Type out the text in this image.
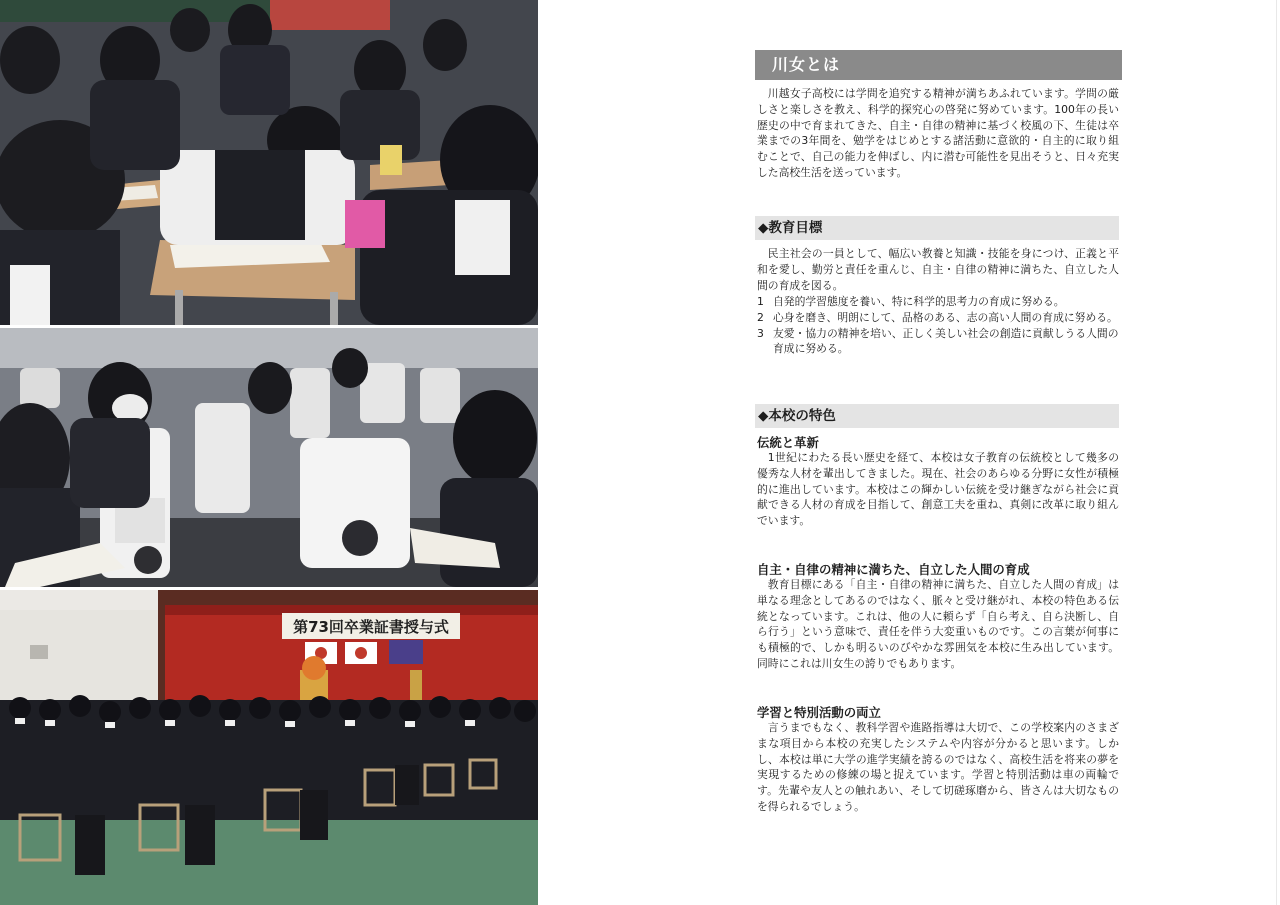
第73回卒業証書授与式
川女とは

川越女子高校には学問を追究する精神が満ちあふれています。学問の厳しさと楽しさを教え、科学的探究心の啓発に努めています。100年の長い歴史の中で育まれてきた、自主・自律の精神に基づく校風の下、生徒は卒業までの3年間を、勉学をはじめとする諸活動に意欲的・自主的に取り組むことで、自己の能力を伸ばし、内に潜む可能性を見出そうと、日々充実した高校生活を送っています。

◆教育目標

民主社会の一員として、幅広い教養と知識・技能を身につけ、正義と平和を愛し、勤労と責任を重んじ、自主・自律の精神に満ちた、自立した人間の育成を図る。

1 自発的学習態度を養い、特に科学的思考力の育成に努める。
2 心身を磨き、明朗にして、品格のある、志の高い人間の育成に努める。
3 友愛・協力の精神を培い、正しく美しい社会の創造に貢献しうる人間の育成に努める。
◆本校の特色
伝統と革新

1世紀にわたる長い歴史を経て、本校は女子教育の伝統校として幾多の優秀な人材を輩出してきました。現在、社会のあらゆる分野に女性が積極的に進出しています。本校はこの輝かしい伝統を受け継ぎながら社会に貢献できる人材の育成を目指して、創意工夫を重ね、真剣に改革に取り組んでいます。

自主・自律の精神に満ちた、自立した人間の育成

教育目標にある「自主・自律の精神に満ちた、自立した人間の育成」は単なる理念としてあるのではなく、脈々と受け継がれ、本校の特色ある伝統となっています。これは、他の人に頼らず「自ら考え、自ら決断し、自ら行う」という意味で、責任を伴う大変重いものです。この言葉が何事にも積極的で、しかも明るいのびやかな雰囲気を本校に生み出しています。同時にこれは川女生の誇りでもあります。

学習と特別活動の両立

言うまでもなく、教科学習や進路指導は大切で、この学校案内のさまざまな項目から本校の充実したシステムや内容が分かると思います。しかし、本校は単に大学の進学実績を誇るのではなく、高校生活を将来の夢を実現するための修練の場と捉えています。学習と特別活動は車の両輪です。先輩や友人との触れあい、そして切磋琢磨から、皆さんは大切なものを得られるでしょう。
